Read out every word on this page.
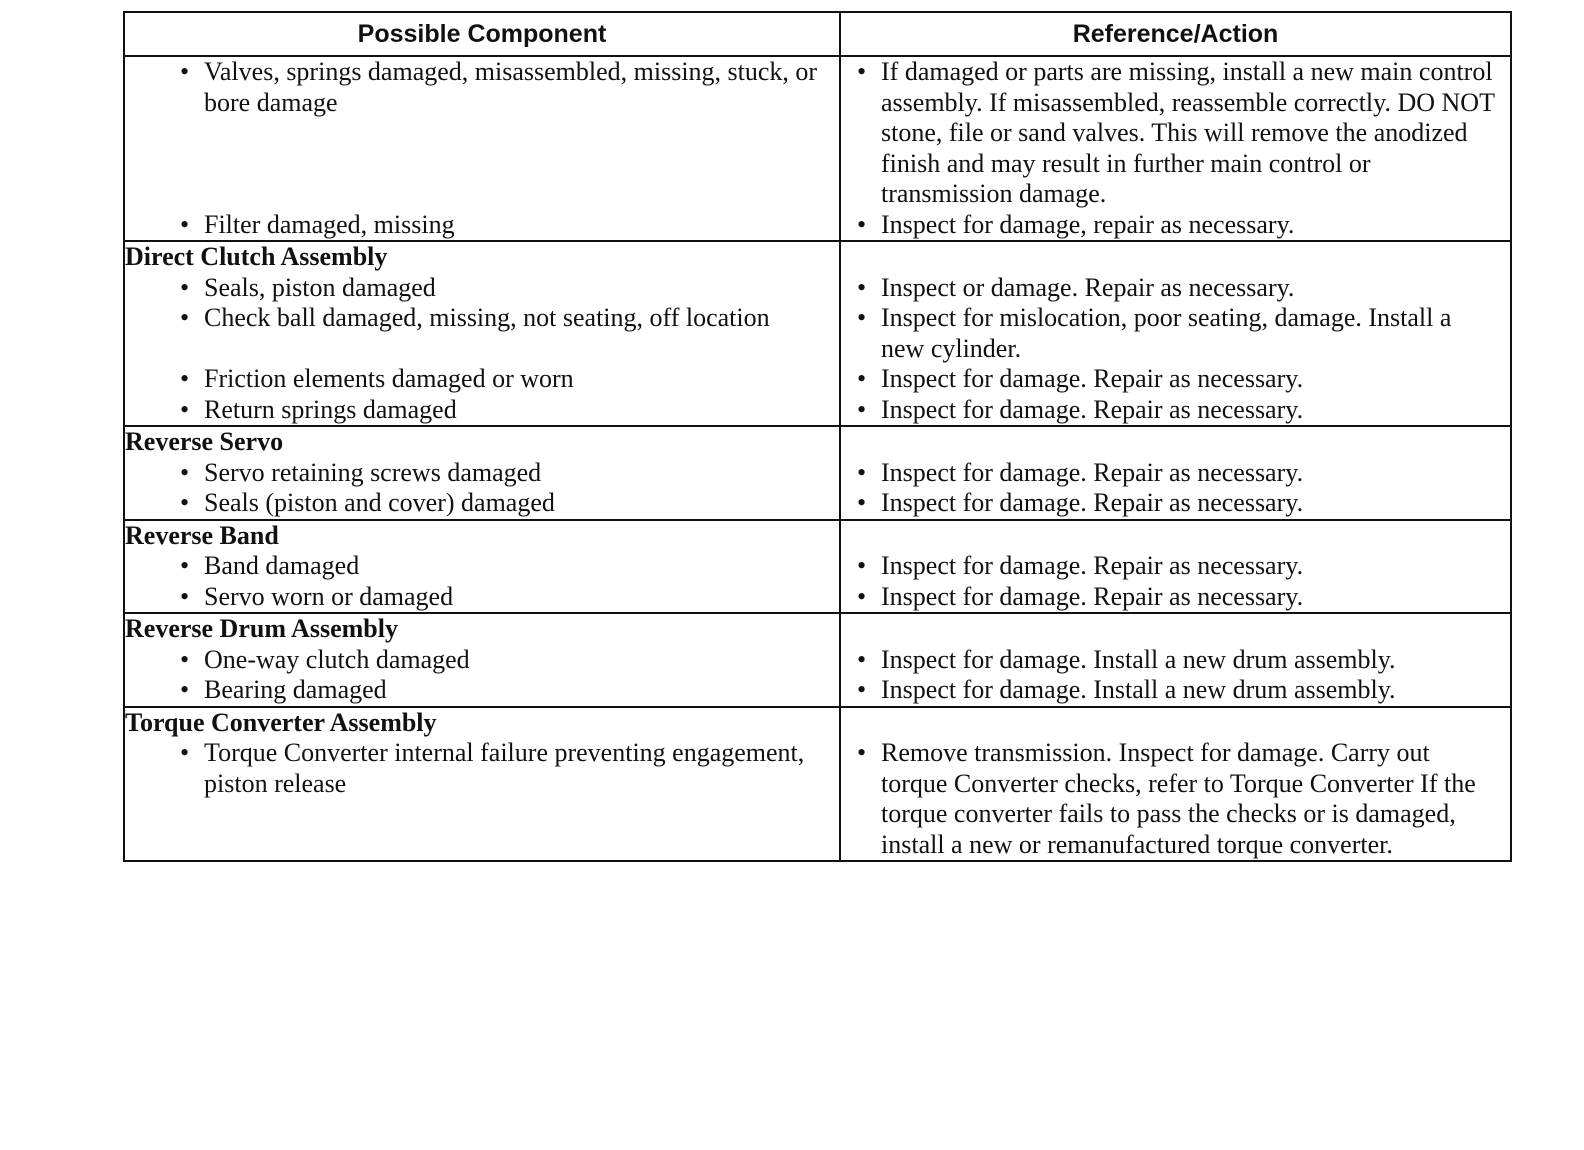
Possible Component	Reference/Action

• Valves, springs damaged, misassembled, missing, stuck, or bore damage	• If damaged or parts are missing, install a new main control assembly. If misassembled, reassemble correctly. DO NOT stone, file or sand valves. This will remove the anodized finish and may result in further main control or transmission damage.

• Filter damaged, missing	• Inspect for damage, repair as necessary.

Direct Clutch Assembly	

• Seals, piston damaged	• Inspect or damage. Repair as necessary.

• Check ball damaged, missing, not seating, off location	• Inspect for mislocation, poor seating, damage. Install a new cylinder.

• Friction elements damaged or worn	• Inspect for damage. Repair as necessary.

• Return springs damaged	• Inspect for damage. Repair as necessary.

Reverse Servo	

• Servo retaining screws damaged	• Inspect for damage. Repair as necessary.

• Seals (piston and cover) damaged	• Inspect for damage. Repair as necessary.

Reverse Band	

• Band damaged	• Inspect for damage. Repair as necessary.

• Servo worn or damaged	• Inspect for damage. Repair as necessary.

Reverse Drum Assembly	

• One-way clutch damaged	• Inspect for damage. Install a new drum assembly.

• Bearing damaged	• Inspect for damage. Install a new drum assembly.

Torque Converter Assembly	

• Torque Converter internal failure preventing engagement, piston release	• Remove transmission. Inspect for damage. Carry out torque Converter checks, refer to Torque Converter If the torque converter fails to pass the checks or is damaged, install a new or remanufactured torque converter.
